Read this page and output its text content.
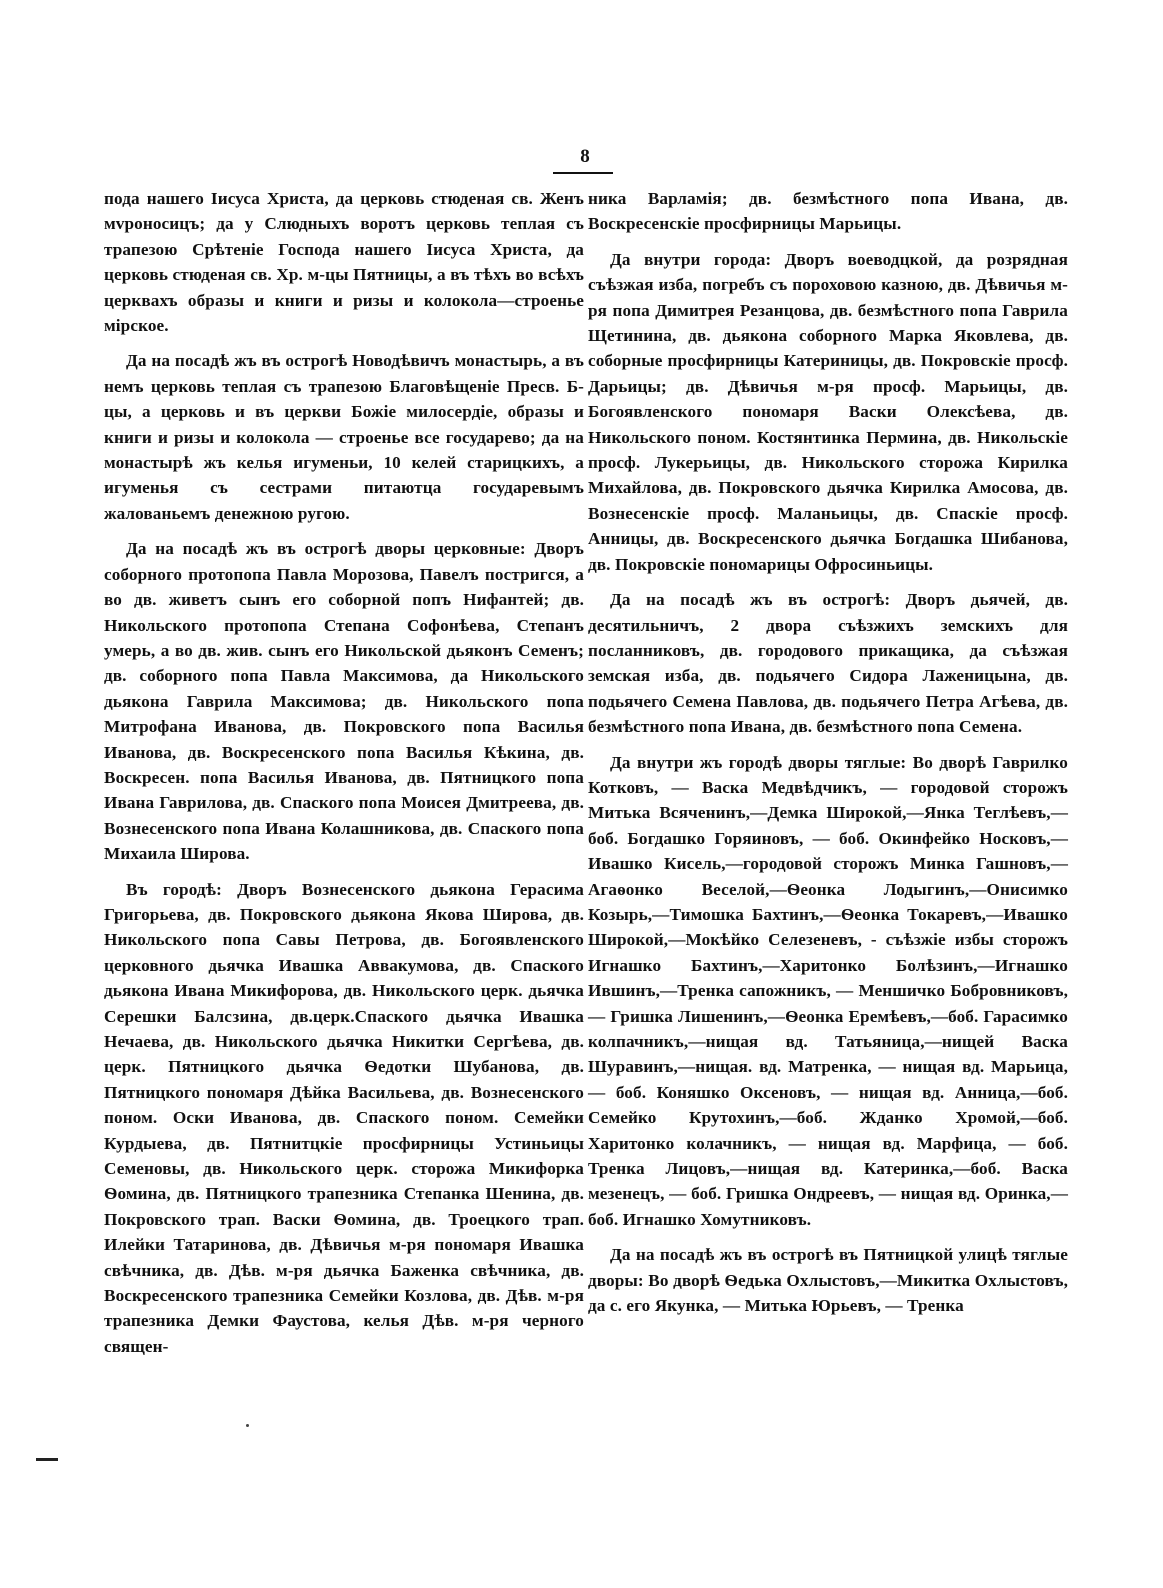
8

пода нашего Іисуса Христа, да церковь стюденая св. Женъ мvроносицъ; да у Слюдныхъ воротъ церковь теплая съ трапезою Срѣтеніе Господа нашего Іисуса Христа, да церковь стюденая св. Хр. м-цы Пятницы, а въ тѣхъ во всѣхъ церквахъ образы и книги и ризы и колокола—строенье мірское.

Да на посадѣ жъ въ острогѣ Новодѣвичъ монастырь, а въ немъ церковь теплая съ трапезою Благовѣщеніе Пресв. Б-цы, а церковь и въ церкви Божіе милосердіе, образы и книги и ризы и колокола — строенье все государево; да на монастырѣ жъ келья игуменьи, 10 келей старицкихъ, а игуменья съ сестрами питаютца государевымъ жалованьемъ денежною ругою.

Да на посадѣ жъ въ острогѣ дворы церковные: Дворъ соборного протопопа Павла Морозова, Павелъ постригся, а во дв. живетъ сынъ его соборной попъ Нифантей; дв. Никольского протопопа Степана Софонѣева, Степанъ умерь, а во дв. жив. сынъ его Никольской дьяконъ Семенъ; дв. соборного попа Павла Максимова, да Никольского дьякона Гаврила Максимова; дв. Никольского попа Митрофана Иванова, дв. Покровского попа Василья Иванова, дв. Воскресенского попа Василья Кѣкина, дв. Воскресен. попа Василья Иванова, дв. Пятницкого попа Ивана Гаврилова, дв. Спаского попа Моисея Дмитреева, дв. Вознесенского попа Ивана Колашникова, дв. Спаского попа Михаила Широва.

Въ городѣ: Дворъ Вознесенского дьякона Герасима Григорьева, дв. Покровского дьякона Якова Широва, дв. Никольского попа Савы Петрова, дв. Богоявленского церковного дьячка Ивашка Аввакумова, дв. Спаского дьякона Ивана Микифорова, дв. Никольского церк. дьячка Серешки Балсзина, дв.церк.Спаского дьячка Ивашка Нечаева, дв. Никольского дьячка Никитки Сергѣева, дв. церк. Пятницкого дьячка Ѳедотки Шубанова, дв. Пятницкого пономаря Дѣйка Васильева, дв. Вознесенского поном. Оски Иванова, дв. Спаского поном. Семейки Курдыева, дв. Пятнитцкіе просфирницы Устиньицы Семеновы, дв. Никольского церк. сторожа Микифорка Ѳомина, дв. Пятницкого трапезника Степанка Шенина, дв. Покровского трап. Васки Ѳомина, дв. Троецкого трап. Илейки Татаринова, дв. Дѣвичья м-ря пономаря Ивашка свѣчника, дв. Дѣв. м-ря дьячка Баженка свѣчника, дв. Воскресенского трапезника Семейки Козлова, дв. Дѣв. м-ря трапезника Демки Фаустова, келья Дѣв. м-ря черного священ-

ника Варламія; дв. безмѣстного попа Ивана, дв. Воскресенскіе просфирницы Марьицы.

Да внутри города: Дворъ воеводцкой, да розрядная съѣзжая изба, погребъ съ пороховою казною, дв. Дѣвичья м-ря попа Димитрея Резанцова, дв. безмѣстного попа Гаврила Щетинина, дв. дьякона соборного Марка Яковлева, дв. соборные просфирницы Катериницы, дв. Покровскіе просф. Дарьицы; дв. Дѣвичья м-ря просф. Марьицы, дв. Богоявленского пономаря Васки Олексѣева, дв. Никольского поном. Костянтинка Пермина, дв. Никольскіе просф. Лукерьицы, дв. Никольского сторожа Кирилка Михайлова, дв. Покровского дьячка Кирилка Амосова, дв. Вознесенскіе просф. Маланьицы, дв. Спаскіе просф. Анницы, дв. Воскресенского дьячка Богдашка Шибанова, дв. Покровскіе пономарицы Офросиньицы.

Да на посадѣ жъ въ острогѣ: Дворъ дьячей, дв. десятильничъ, 2 двора съѣзжихъ земскихъ для посланниковъ, дв. городового прикащика, да съѣзжая земская изба, дв. подьячего Сидора Лаженицына, дв. подьячего Семена Павлова, дв. подьячего Петра Агѣева, дв. безмѣстного попа Ивана, дв. безмѣстного попа Семена.

Да внутри жъ городѣ дворы тяглые: Во дворѣ Гаврилко Котковъ, — Васка Медвѣдчикъ, — городовой сторожъ Митька Всяченинъ,—Демка Широкой,—Янка Теглѣевъ,—боб. Богдашко Горяиновъ, — боб. Окинфейко Носковъ,—Ивашко Кисель,—городовой сторожъ Минка Гашновъ,—Агаѳонко Веселой,—Ѳеонка Лодыгинъ,—Онисимко Козырь,—Тимошка Бахтинъ,—Ѳеонка Токаревъ,—Ивашко Широкой,—Мокѣйко Селезеневъ, - съѣзжіе избы сторожъ Игнашко Бахтинъ,—Харитонко Болѣзинъ,—Игнашко Ившинъ,—Тренка сапожникъ, — Меншичко Бобровниковъ, — Гришка Лишенинъ,—Ѳеонка Еремѣевъ,—боб. Гарасимко колпачникъ,—нищая вд. Татьяница,—нищей Васка Шуравинъ,—нищая. вд. Матренка, — нищая вд. Марьица, — боб. Коняшко Оксеновъ, — нищая вд. Анница,—боб. Семейко Крутохинъ,—боб. Жданко Хромой,—боб. Харитонко колачникъ, — нищая вд. Марфица, — боб. Тренка Лицовъ,—нищая вд. Катеринка,—боб. Васка мезенецъ, — боб. Гришка Ондреевъ, — нищая вд. Оринка,—боб. Игнашко Хомутниковъ.

Да на посадѣ жъ въ острогѣ въ Пятницкой улицѣ тяглые дворы: Во дворѣ Ѳедька Охлыстовъ,—Микитка Охлыстовъ, да с. его Якунка, — Митька Юрьевъ, — Тренка
